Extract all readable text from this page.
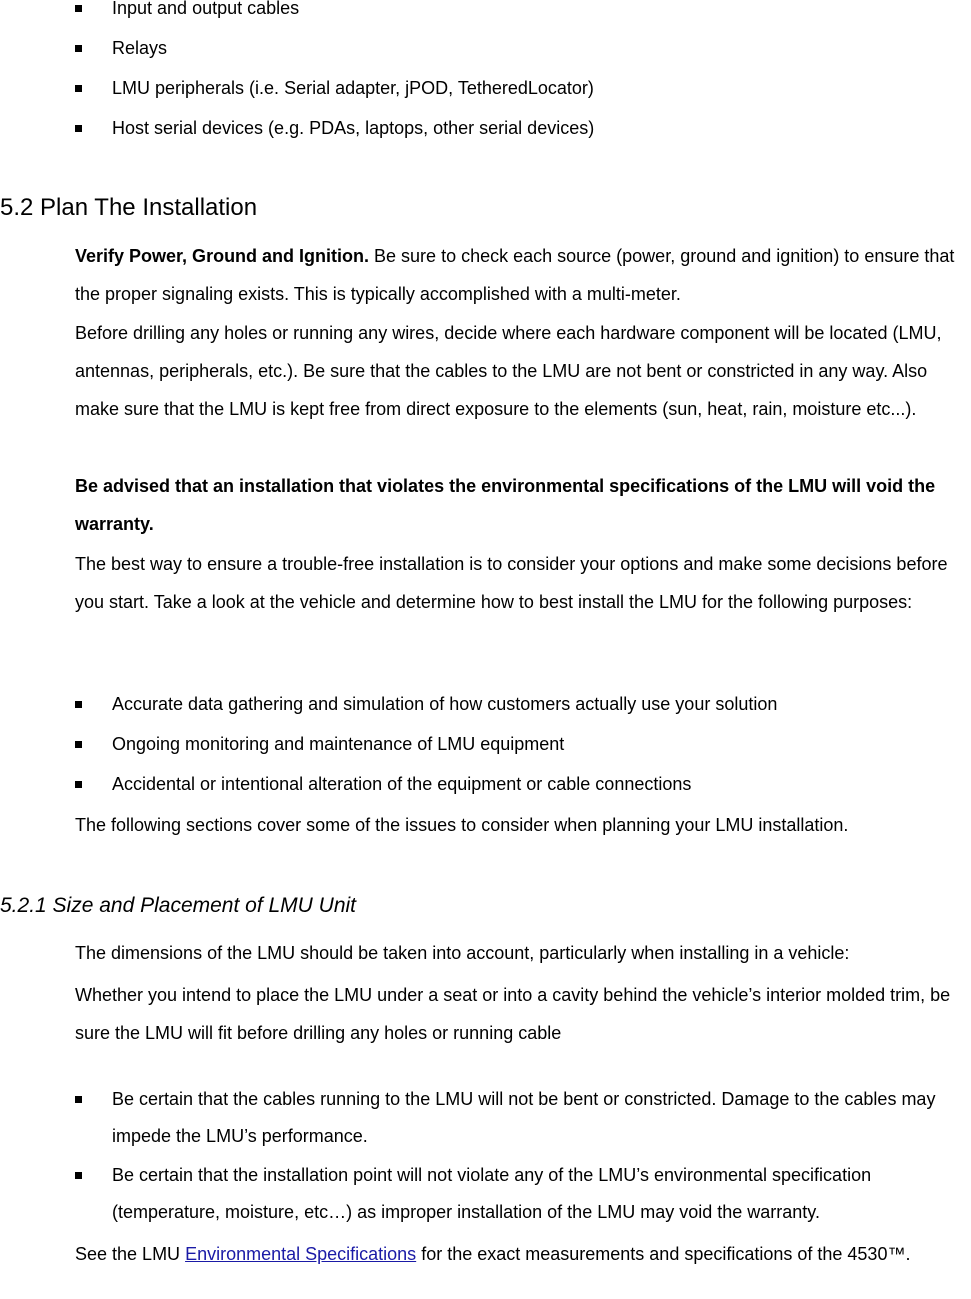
Input and output cables
Relays
LMU peripherals (i.e. Serial adapter, jPOD, TetheredLocator)
Host serial devices (e.g. PDAs, laptops, other serial devices)
5.2 Plan The Installation

Verify Power, Ground and Ignition. Be sure to check each source (power, ground and ignition) to ensure that the proper signaling exists. This is typically accomplished with a multi-meter.

Before drilling any holes or running any wires, decide where each hardware component will be located (LMU, antennas, peripherals, etc.). Be sure that the cables to the LMU are not bent or constricted in any way. Also make sure that the LMU is kept free from direct exposure to the elements (sun, heat, rain, moisture etc...).

Be advised that an installation that violates the environmental specifications of the LMU will void the warranty.

The best way to ensure a trouble-free installation is to consider your options and make some decisions before you start. Take a look at the vehicle and determine how to best install the LMU for the following purposes:

Accurate data gathering and simulation of how customers actually use your solution
Ongoing monitoring and maintenance of LMU equipment
Accidental or intentional alteration of the equipment or cable connections

The following sections cover some of the issues to consider when planning your LMU installation.

5.2.1 Size and Placement of LMU Unit

The dimensions of the LMU should be taken into account, particularly when installing in a vehicle:

Whether you intend to place the LMU under a seat or into a cavity behind the vehicle’s interior molded trim, be sure the LMU will fit before drilling any holes or running cable

Be certain that the cables running to the LMU will not be bent or constricted. Damage to the cables may impede the LMU’s performance.
Be certain that the installation point will not violate any of the LMU’s environmental specification (temperature, moisture, etc…) as improper installation of the LMU may void the warranty.

See the LMU Environmental Specifications for the exact measurements and specifications of the 4530™.
